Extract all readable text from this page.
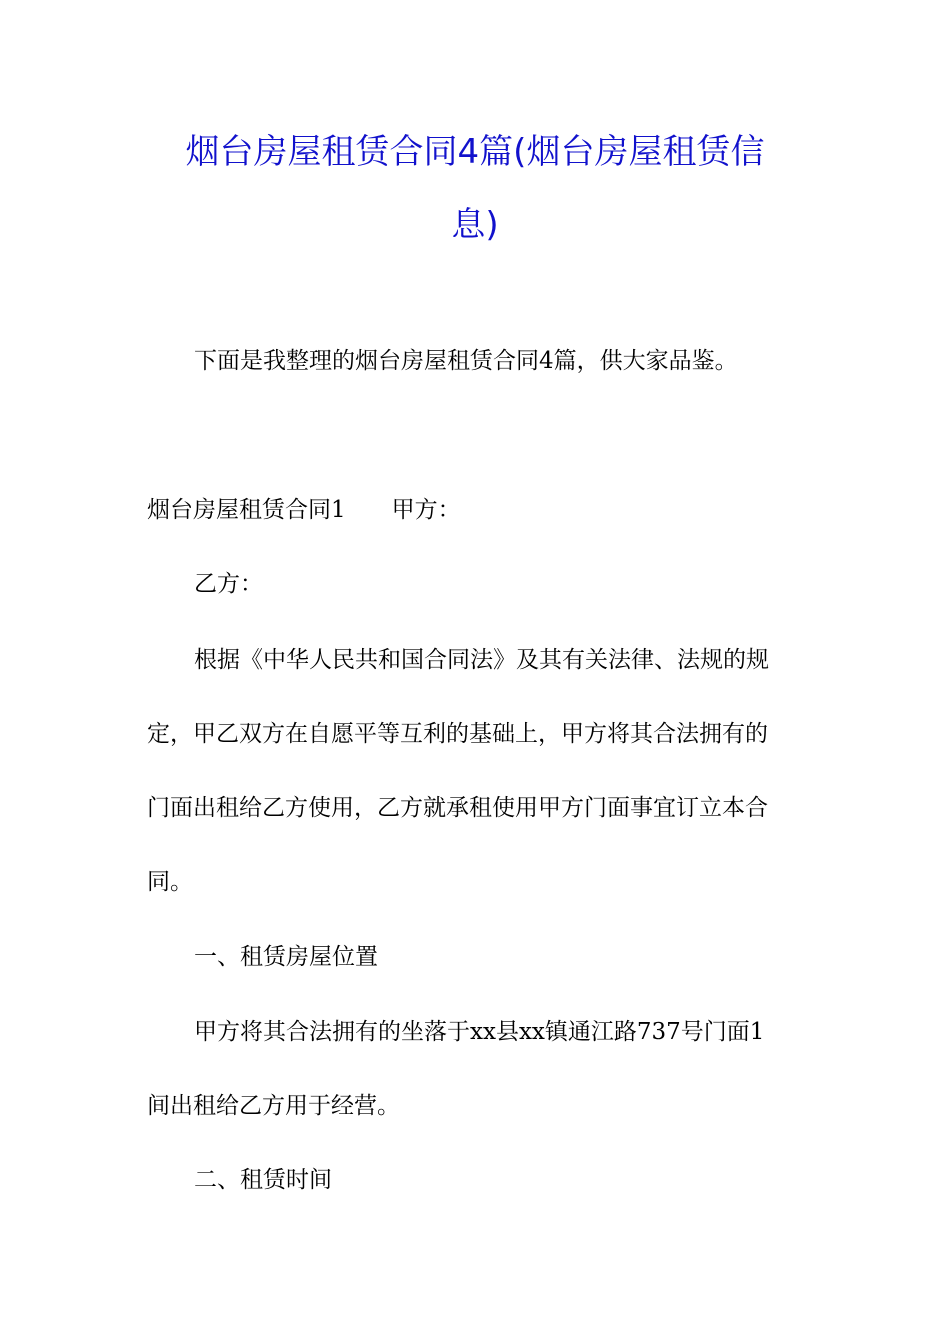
烟台房屋租赁合同4篇(烟台房屋租赁信
息)
下面是我整理的烟台房屋租赁合同4篇，供大家品鉴。
烟台房屋租赁合同1 甲方：
乙方：
根据《中华人民共和国合同法》及其有关法律、法规的规
定，甲乙双方在自愿平等互利的基础上，甲方将其合法拥有的
门面出租给乙方使用，乙方就承租使用甲方门面事宜订立本合
同。
一、租赁房屋位置
甲方将其合法拥有的坐落于xx县xx镇通江路737号门面1
间出租给乙方用于经营。
二、租赁时间
